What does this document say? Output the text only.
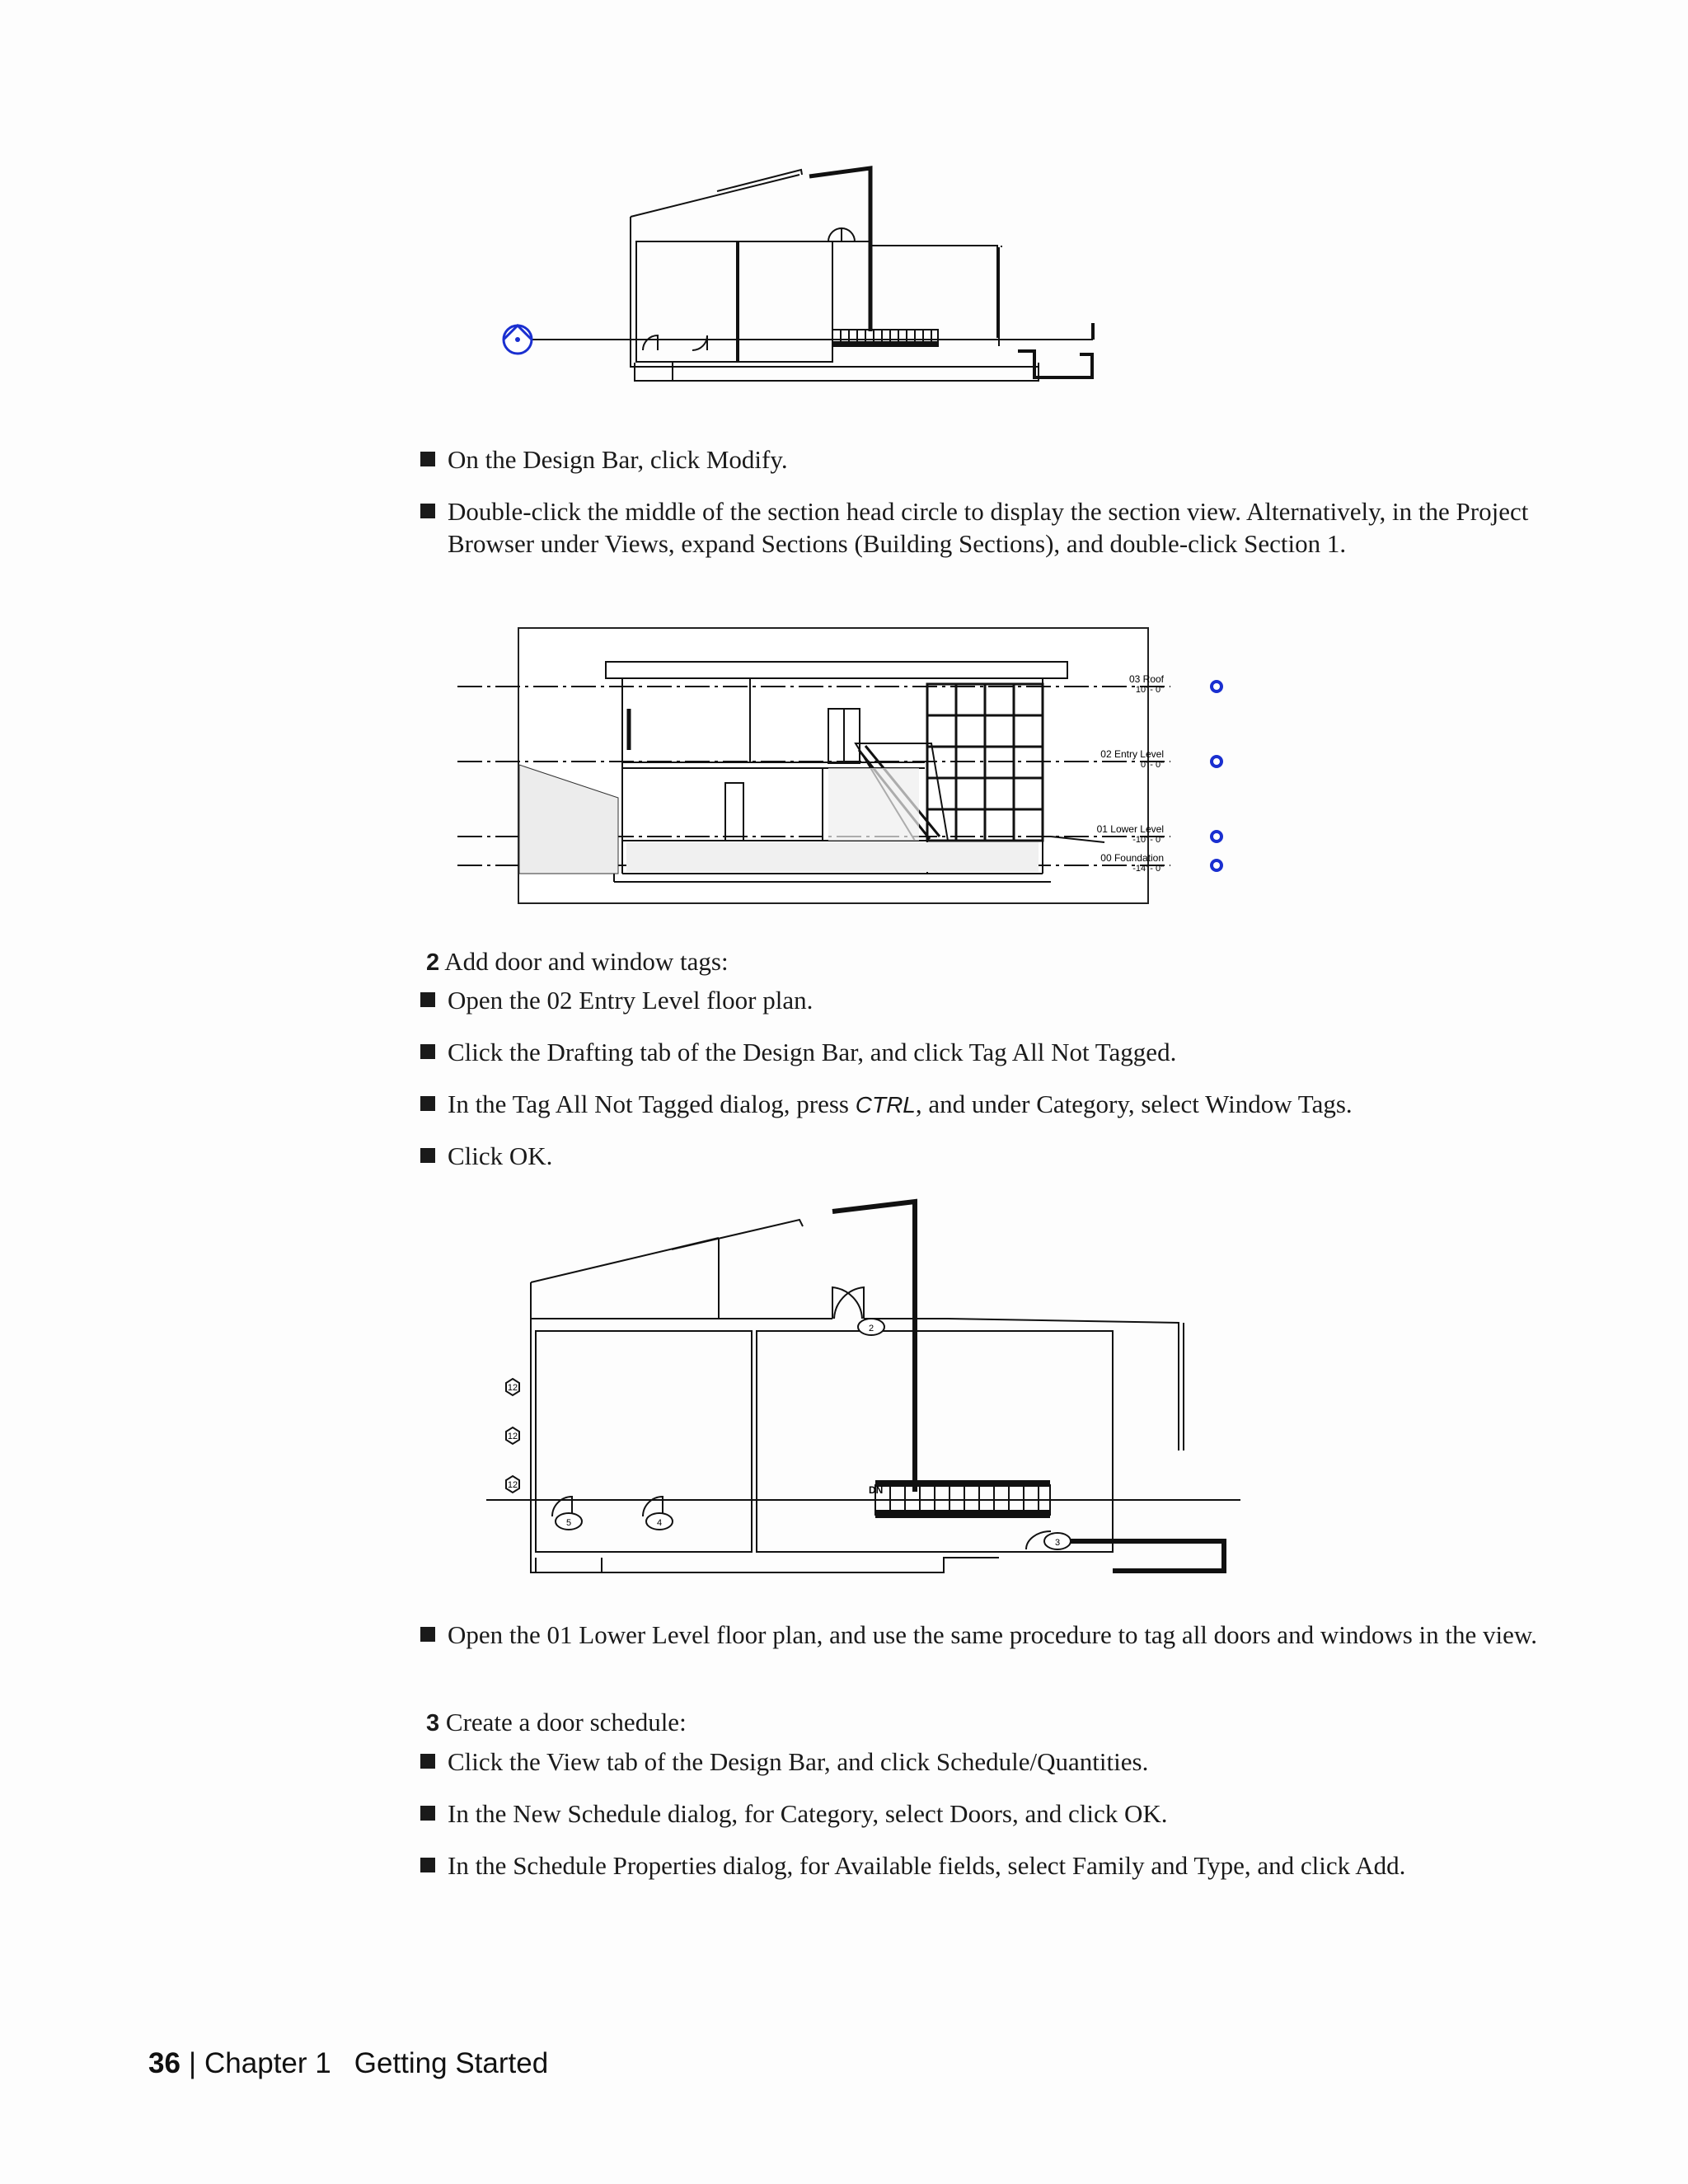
On the Design Bar, click Modify.
Double-click the middle of the section head circle to display the section view. Alternatively, in the Project Browser under Views, expand Sections (Building Sections), and double-click Section 1.
03 Roof
10' - 0"
02 Entry Level
0' - 0"
01 Lower Level
-10' - 0"
00 Foundation
-14' - 0"
2 Add door and window tags:
Open the 02 Entry Level floor plan.
Click the Drafting tab of the Design Bar, and click Tag All Not Tagged.
In the Tag All Not Tagged dialog, press CTRL, and under Category, select Window Tags.
Click OK.
DN
12
12
12
2
5	4
3
Open the 01 Lower Level floor plan, and use the same procedure to tag all doors and windows in the view.
3 Create a door schedule:
Click the View tab of the Design Bar, and click Schedule/Quantities.
In the New Schedule dialog, for Category, select Doors, and click OK.
In the Schedule Properties dialog, for Available fields, select Family and Type, and click Add.
36 | Chapter 1 Getting Started
